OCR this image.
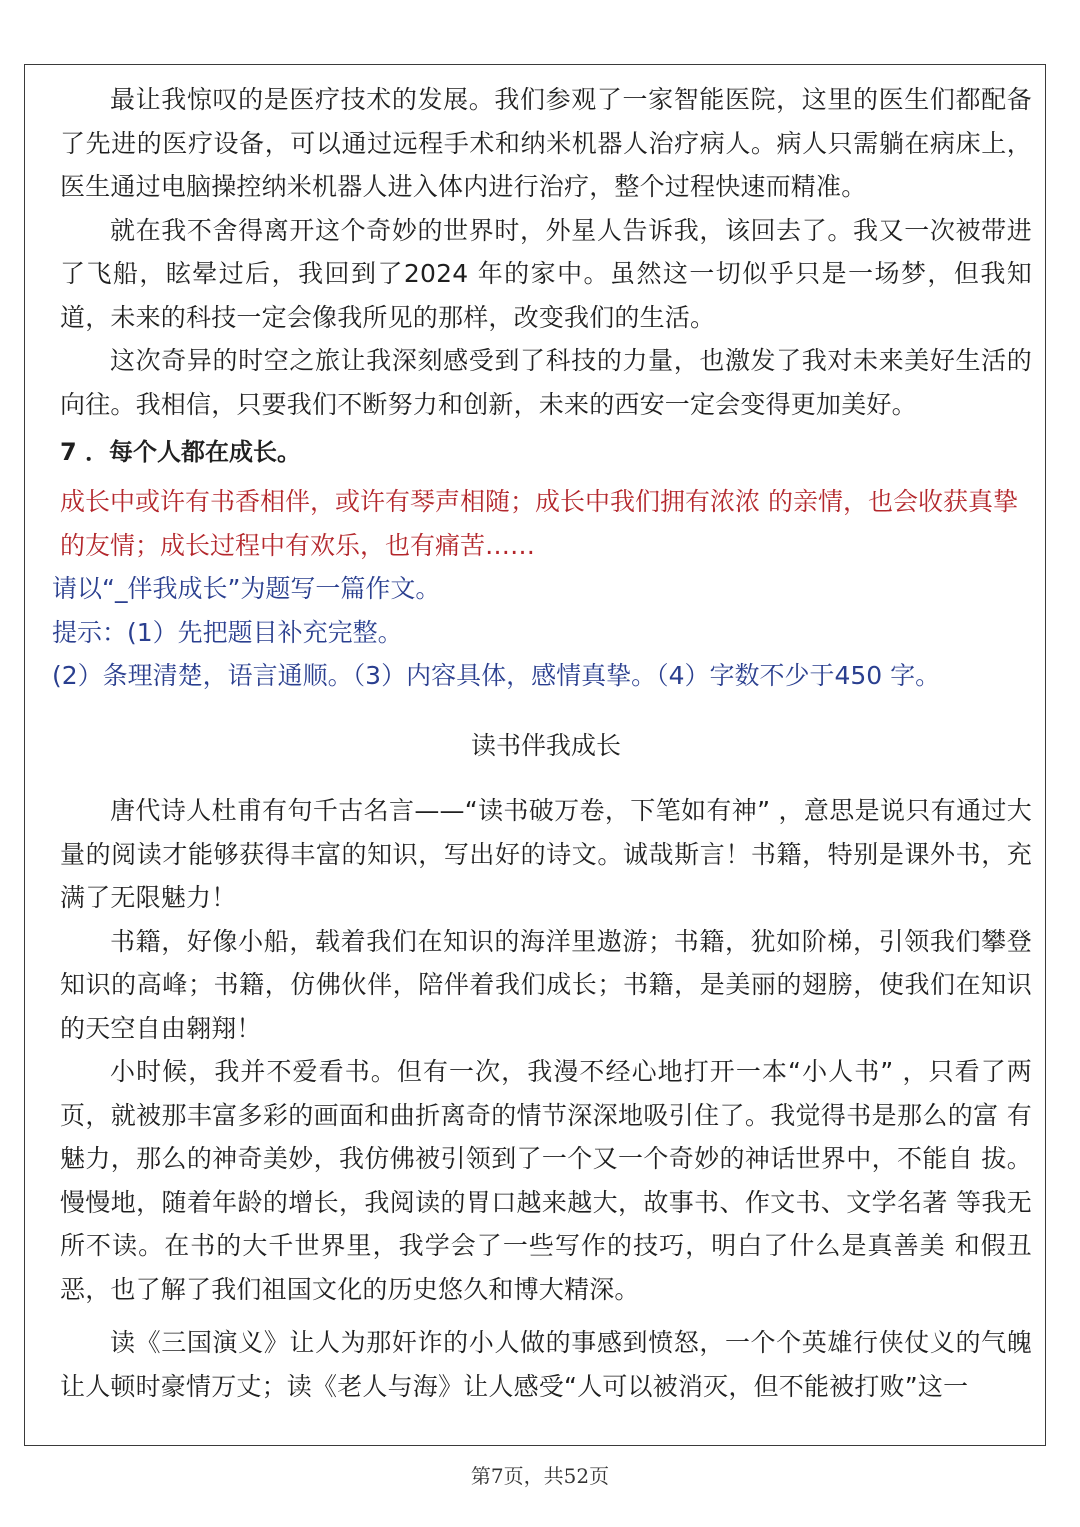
最让我惊叹的是医疗技术的发展。我们参观了一家智能医院，这里的医生们都配备了先进的医疗设备，可以通过远程手术和纳米机器人治疗病人。病人只需躺在病床上，医生通过电脑操控纳米机器人进入体内进行治疗，整个过程快速而精准。

就在我不舍得离开这个奇妙的世界时，外星人告诉我，该回去了。我又一次被带进了飞船，眩晕过后，我回到了2024 年的家中。虽然这一切似乎只是一场梦，但我知道，未来的科技一定会像我所见的那样，改变我们的生活。

这次奇异的时空之旅让我深刻感受到了科技的力量，也激发了我对未来美好生活的向往。我相信，只要我们不断努力和创新，未来的西安一定会变得更加美好。

7 ．每个人都在成长。

成长中或许有书香相伴，或许有琴声相随；成长中我们拥有浓浓 的亲情，也会收获真挚的友情；成长过程中有欢乐，也有痛苦……

请以“_伴我成长”为题写一篇作文。

提示：(1）先把题目补充完整。

(2）条理清楚，语言通顺。（3）内容具体，感情真挚。（4）字数不少于450 字。

读书伴我成长

唐代诗人杜甫有句千古名言——“读书破万卷，下笔如有神” ，意思是说只有通过大量的阅读才能够获得丰富的知识，写出好的诗文。诚哉斯言！书籍，特别是课外书，充满了无限魅力！

书籍，好像小船，载着我们在知识的海洋里遨游；书籍，犹如阶梯，引领我们攀登知识的高峰；书籍，仿佛伙伴，陪伴着我们成长；书籍，是美丽的翅膀，使我们在知识的天空自由翱翔！

小时候，我并不爱看书。但有一次，我漫不经心地打开一本“小人书” ，只看了两 页，就被那丰富多彩的画面和曲折离奇的情节深深地吸引住了。我觉得书是那么的富 有魅力，那么的神奇美妙，我仿佛被引领到了一个又一个奇妙的神话世界中，不能自 拔。慢慢地，随着年龄的增长，我阅读的胃口越来越大，故事书、作文书、文学名著 等我无所不读。在书的大千世界里，我学会了一些写作的技巧，明白了什么是真善美 和假丑恶，也了解了我们祖国文化的历史悠久和博大精深。

读《三国演义》让人为那奸诈的小人做的事感到愤怒，一个个英雄行侠仗义的气魄让人顿时豪情万丈；读《老人与海》让人感受“人可以被消灭，但不能被打败”这一

第7页，共52页
